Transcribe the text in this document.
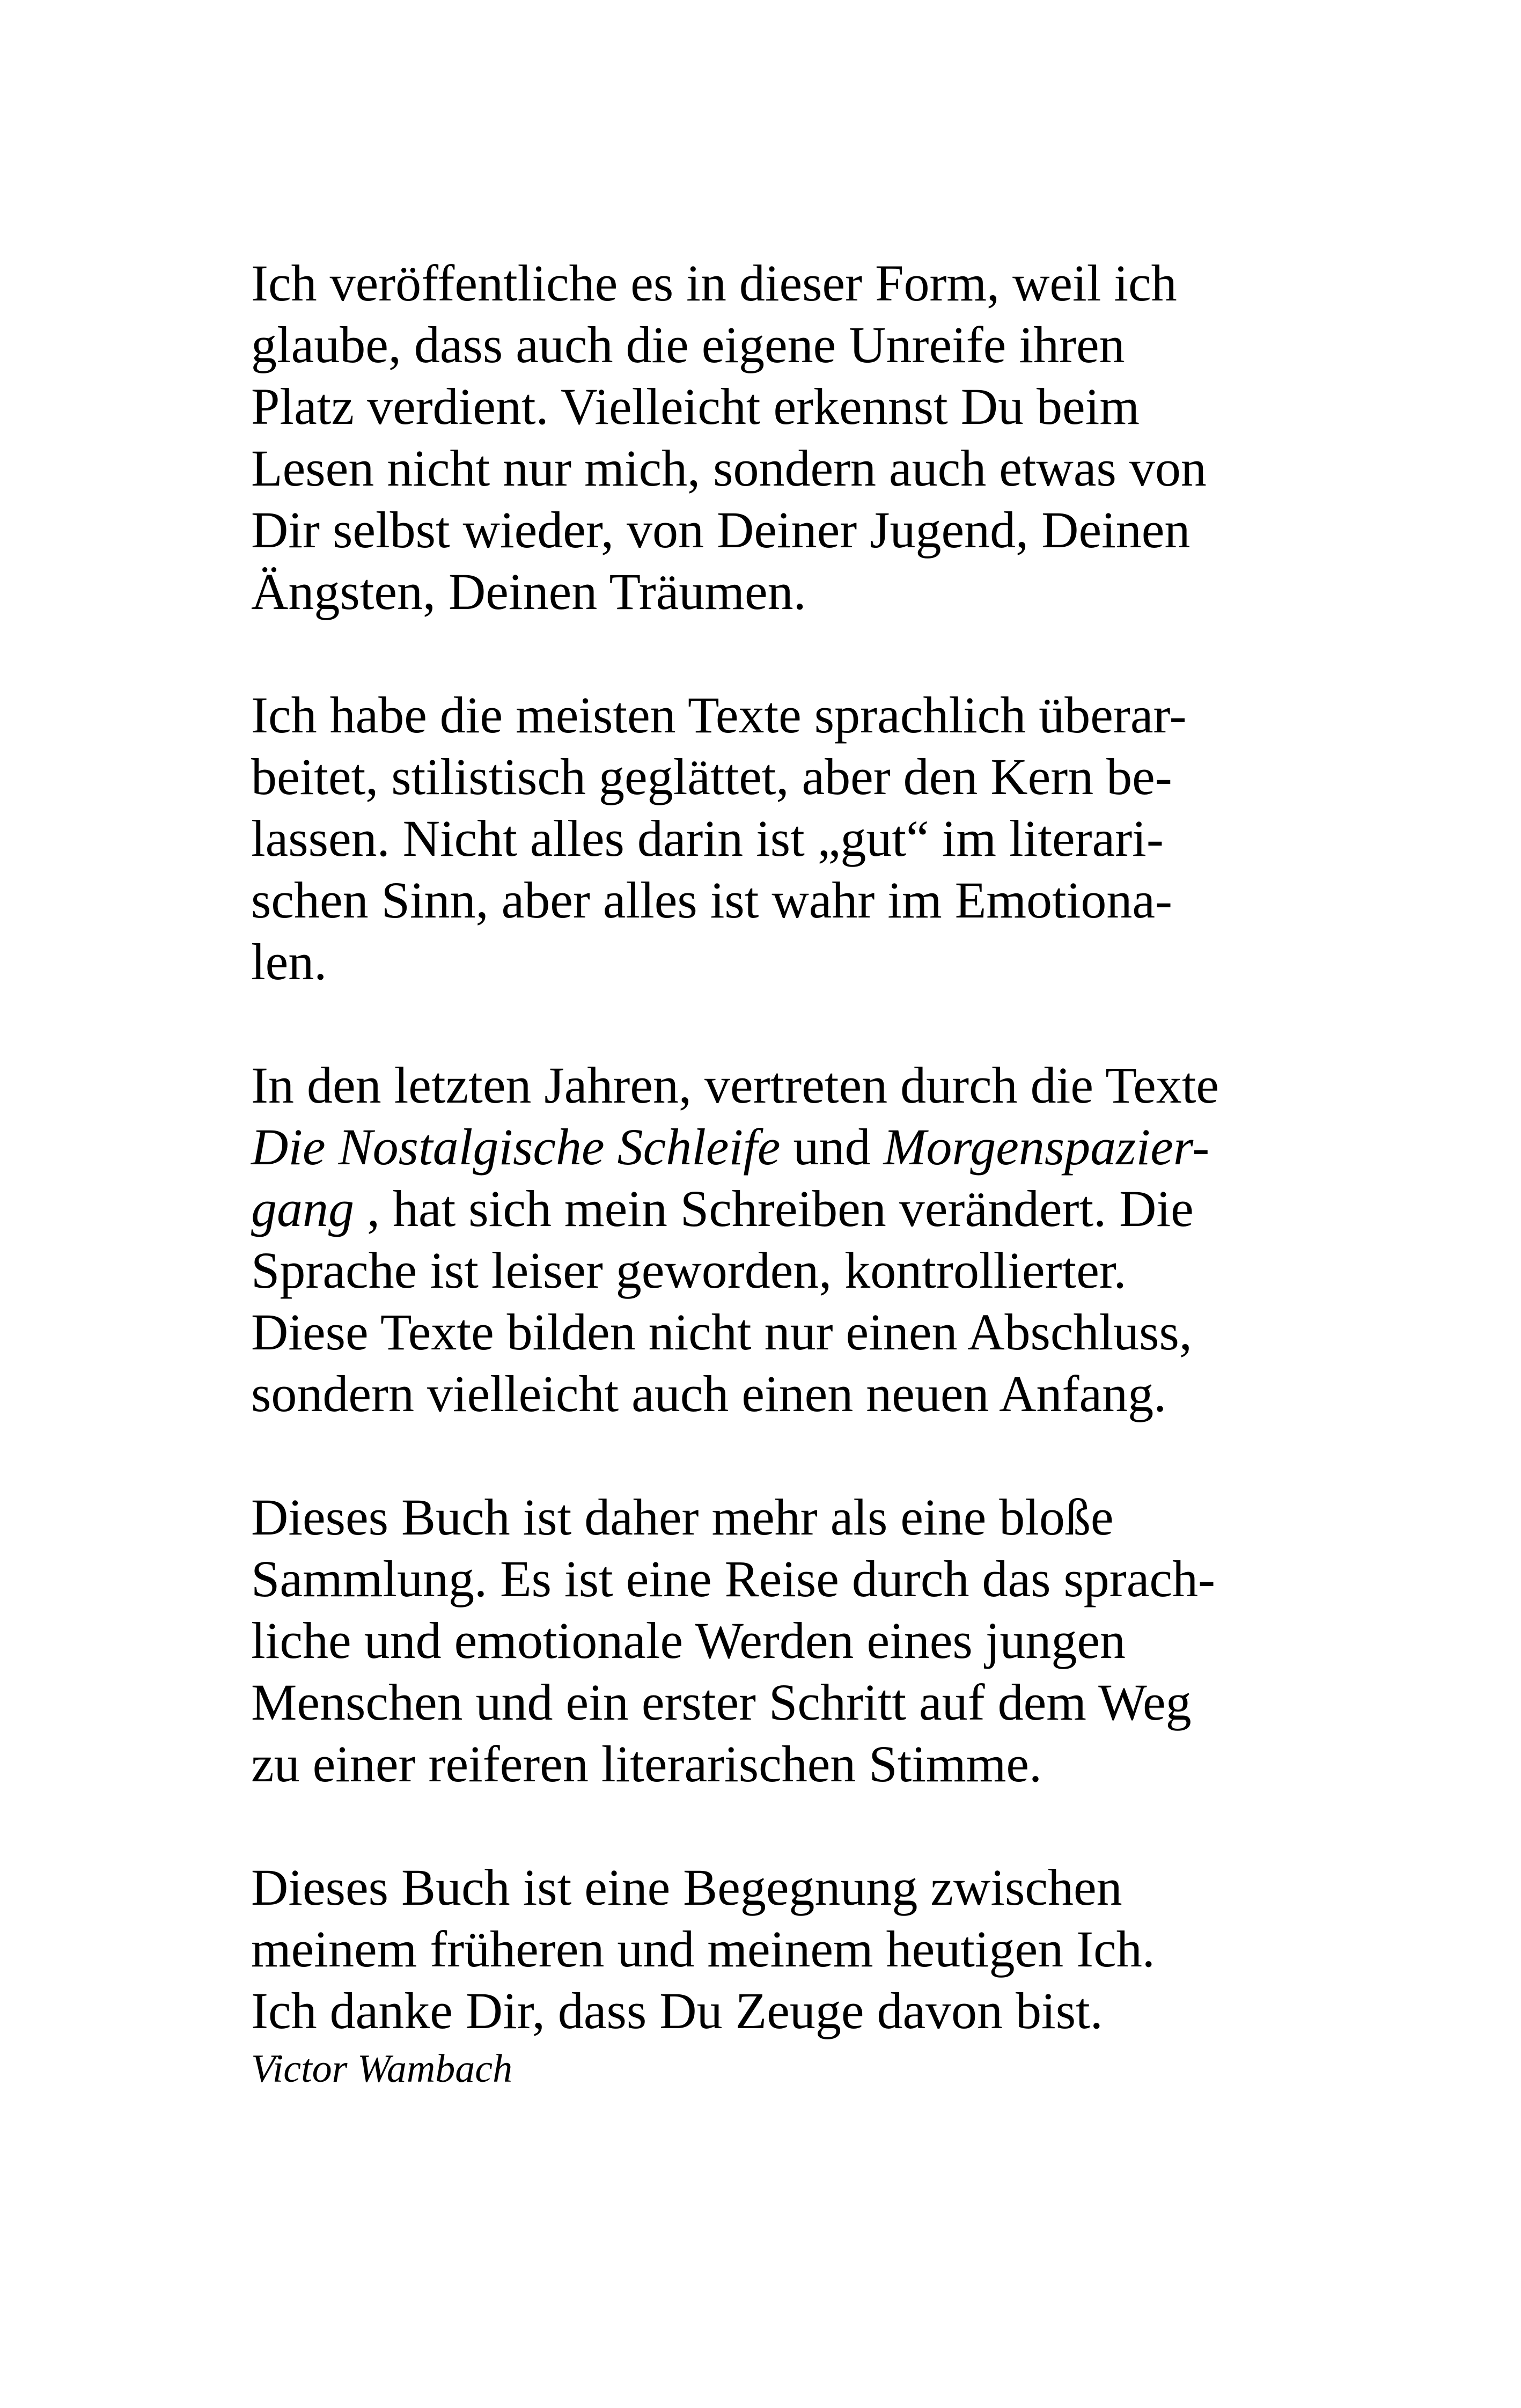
Ich veröffentliche es in dieser Form, weil ich
glaube, dass auch die eigene Unreife ihren
Platz verdient. Vielleicht erkennst Du beim
Lesen nicht nur mich, sondern auch etwas von
Dir selbst wieder, von Deiner Jugend, Deinen
Ängsten, Deinen Träumen.

Ich habe die meisten Texte sprachlich überar-
beitet, stilistisch geglättet, aber den Kern be-
lassen. Nicht alles darin ist „gut“ im literari-
schen Sinn, aber alles ist wahr im Emotiona-
len.

In den letzten Jahren, vertreten durch die Texte
Die Nostalgische Schleife und Morgenspazier-
gang , hat sich mein Schreiben verändert. Die
Sprache ist leiser geworden, kontrollierter.
Diese Texte bilden nicht nur einen Abschluss,
sondern vielleicht auch einen neuen Anfang.

Dieses Buch ist daher mehr als eine bloße
Sammlung. Es ist eine Reise durch das sprach-
liche und emotionale Werden eines jungen
Menschen und ein erster Schritt auf dem Weg
zu einer reiferen literarischen Stimme.

Dieses Buch ist eine Begegnung zwischen
meinem früheren und meinem heutigen Ich.
Ich danke Dir, dass Du Zeuge davon bist.
Victor Wambach
